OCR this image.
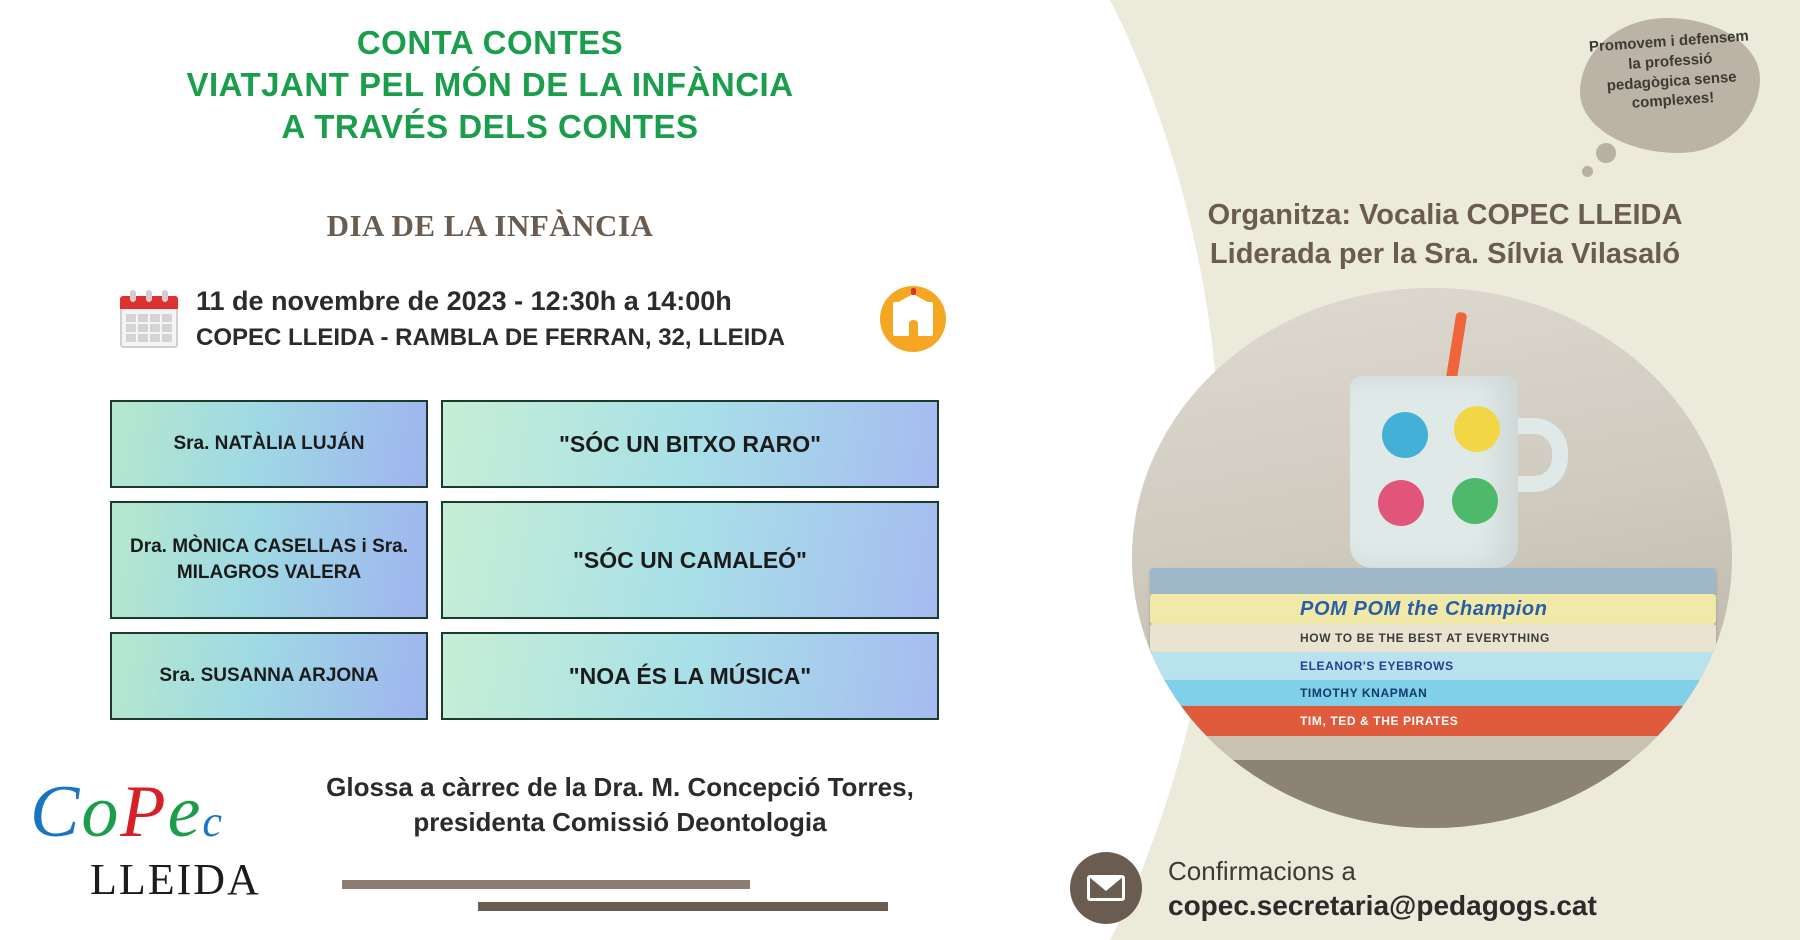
CONTA CONTES
VIATJANT PEL MÓN DE LA INFÀNCIA
A TRAVÉS DELS CONTES
DIA DE LA INFÀNCIA
11 de novembre de 2023 - 12:30h a 14:00h
COPEC LLEIDA - RAMBLA DE FERRAN, 32, LLEIDA
Sra. NATÀLIA LUJÁN	"SÓC UN BITXO RARO"
Dra. MÒNICA CASELLAS i Sra. MILAGROS VALERA	"SÓC UN CAMALEÓ"
Sra. SUSANNA ARJONA	"NOA ÉS LA MÚSICA"
Glossa a càrrec de la Dra. M. Concepció Torres, presidenta Comissió Deontologia
CoPec
LLEIDA
Promovem i defensem la professió pedagògica sense complexes!
Organitza: Vocalia COPEC LLEIDA
Liderada per la Sra. Sílvia Vilasaló
POM POM the Champion
HOW TO BE THE BEST AT EVERYTHING
ELEANOR'S EYEBROWS
TIMOTHY KNAPMAN
TIM, TED & THE PIRATES
Confirmacions a
copec.secretaria@pedagogs.cat
